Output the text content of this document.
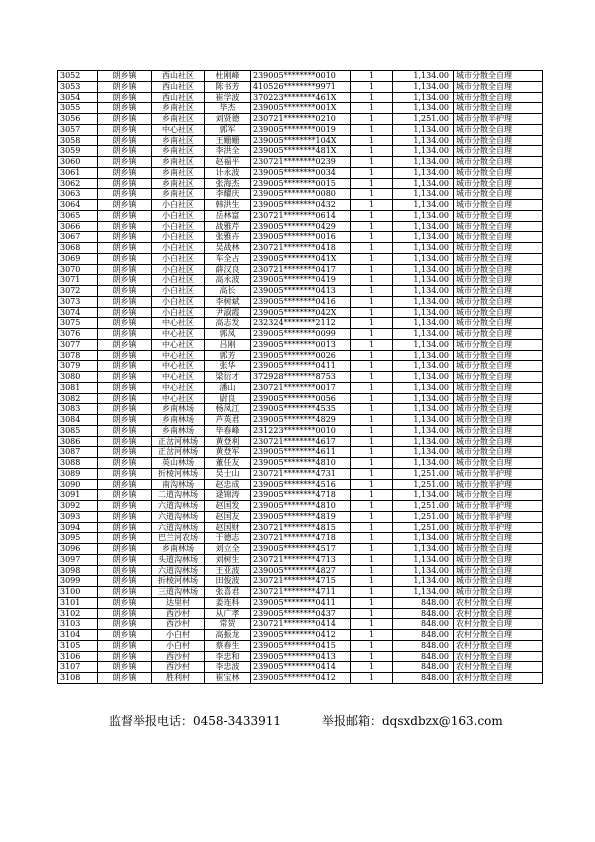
3052	朗乡镇	西山社区	杜刚峰	239005********0010	1	1,134.00	城市分散全自理
3053	朗乡镇	西山社区	陈书芳	410526********9971	1	1,134.00	城市分散全自理
3054	朗乡镇	西山社区	崔学波	370223********461X	1	1,134.00	城市分散全自理
3055	朗乡镇	乡南社区	毕杰	239005********001X	1	1,134.00	城市分散全自理
3056	朗乡镇	乡南社区	刘贤德	230721********0210	1	1,251.00	城市分散半护理
3057	朗乡镇	中心社区	郭军	239005********0019	1	1,134.00	城市分散全自理
3058	朗乡镇	乡南社区	王姗姗	239005********104X	1	1,134.00	城市分散全自理
3059	朗乡镇	乡南社区	李洪全	239005********481X	1	1,134.00	城市分散全自理
3060	朗乡镇	乡南社区	赵福平	230721********0239	1	1,134.00	城市分散全自理
3061	朗乡镇	乡南社区	计永波	239005********0034	1	1,134.00	城市分散全自理
3062	朗乡镇	乡南社区	张海杰	239005********0015	1	1,134.00	城市分散全自理
3063	朗乡镇	乡南社区	李耀庆	239005********0080	1	1,134.00	城市分散全自理
3064	朗乡镇	小白社区	韩洪生	239005********0432	1	1,134.00	城市分散全自理
3065	朗乡镇	小白社区	岳林富	230721********0614	1	1,134.00	城市分散全自理
3066	朗乡镇	小白社区	战雅芹	239005********0429	1	1,134.00	城市分散全自理
3067	朗乡镇	小白社区	张雅卉	239005********0016	1	1,134.00	城市分散全自理
3068	朗乡镇	小白社区	吴战林	230721********0418	1	1,134.00	城市分散全自理
3069	朗乡镇	小白社区	车全占	239005********041X	1	1,134.00	城市分散全自理
3070	朗乡镇	小白社区	薛汉良	230721********0417	1	1,134.00	城市分散全自理
3071	朗乡镇	小白社区	高永波	239005********0419	1	1,134.00	城市分散全自理
3072	朗乡镇	小白社区	高长	239005********0413	1	1,134.00	城市分散全自理
3073	朗乡镇	小白社区	李树斌	239005********0416	1	1,134.00	城市分散全自理
3074	朗乡镇	小白社区	尹淑霞	239005********042X	1	1,134.00	城市分散全自理
3075	朗乡镇	中心社区	高志发	232324********2112	1	1,134.00	城市分散全自理
3076	朗乡镇	中心社区	郭凤	239005********0099	1	1,134.00	城市分散全自理
3077	朗乡镇	中心社区	吕刚	239005********0013	1	1,134.00	城市分散全自理
3078	朗乡镇	中心社区	郭芳	239005********0026	1	1,134.00	城市分散全自理
3079	朗乡镇	中心社区	张华	239005********0411	1	1,134.00	城市分散全自理
3080	朗乡镇	中心社区	梁衍才	372928********8753	1	1,134.00	城市分散全自理
3081	朗乡镇	中心社区	潘山	230721********0017	1	1,134.00	城市分散全自理
3082	朗乡镇	中心社区	尉良	239005********0056	1	1,134.00	城市分散全自理
3083	朗乡镇	乡南林场	杨凤江	239005********4535	1	1,134.00	城市分散全自理
3084	朗乡镇	乡南林场	芦英君	239005********4829	1	1,134.00	城市分散全自理
3085	朗乡镇	乡南林场	毕春峰	231223********0010	1	1,134.00	城市分散全自理
3086	朗乡镇	正岔河林场	黄登利	230721********4617	1	1,134.00	城市分散全自理
3087	朗乡镇	正岔河林场	黄登军	239005********4611	1	1,134.00	城市分散全自理
3088	朗乡镇	英山林场	董任友	239005********4810	1	1,134.00	城市分散全自理
3089	朗乡镇	折棱河林场	吴士山	230721********4731	1	1,251.00	城市分散半护理
3090	朗乡镇	南沟林场	赵忠成	239005********4516	1	1,251.00	城市分散半护理
3091	朗乡镇	二道沟林场	逯锦涛	239005********4718	1	1,134.00	城市分散全自理
3092	朗乡镇	六道沟林场	赵国发	239005********4810	1	1,251.00	城市分散半护理
3093	朗乡镇	六道沟林场	赵国友	239005********4819	1	1,251.00	城市分散半护理
3094	朗乡镇	六道沟林场	赵国财	230721********4815	1	1,251.00	城市分散半护理
3095	朗乡镇	巴兰河农场	于德志	230721********4718	1	1,134.00	城市分散全自理
3096	朗乡镇	乡南林场	刘立全	239005********4517	1	1,134.00	城市分散全自理
3097	朗乡镇	头道沟林场	刘树生	230721********4713	1	1,134.00	城市分散全自理
3098	朗乡镇	六道沟林场	王亚波	239005********4827	1	1,134.00	城市分散全自理
3099	朗乡镇	折棱河林场	田俊波	230721********4715	1	1,134.00	城市分散全自理
3100	朗乡镇	三道沟林场	张喜君	230721********4711	1	1,134.00	城市分散全自理
3101	朗乡镇	达里村	姜连科	239005********0411	1	848.00	农村分散全自理
3102	朗乡镇	西沙村	从广孝	239005********0437	1	848.00	农村分散全自理
3103	朗乡镇	西沙村	常贺	230721********0414	1	848.00	农村分散全自理
3104	朗乡镇	小白村	高振龙	239005********0412	1	848.00	农村分散全自理
3105	朗乡镇	小白村	蔡春生	239005********0415	1	848.00	农村分散全自理
3106	朗乡镇	西沙村	李忠和	239005********0413	1	848.00	农村分散全自理
3107	朗乡镇	西沙村	李忠波	239005********0414	1	848.00	农村分散全自理
3108	朗乡镇	胜利村	崔宝林	239005********0412	1	848.00	农村分散全自理
监督举报电话：0458-3433911	举报邮箱：dqsxdbzx@163.com
